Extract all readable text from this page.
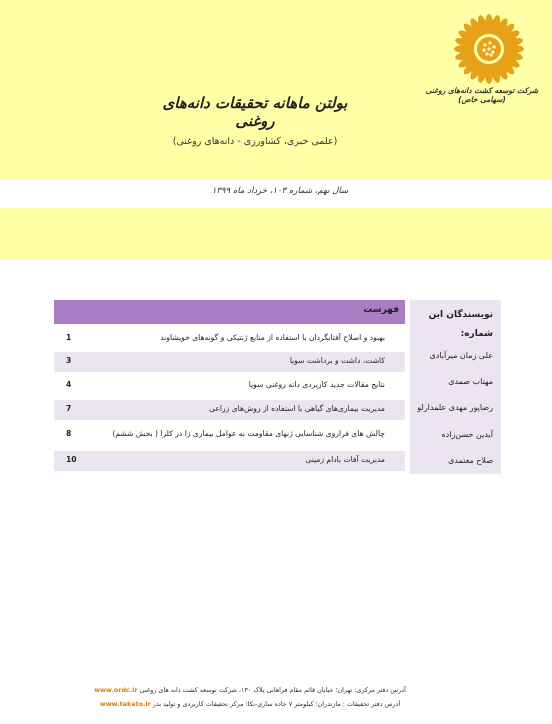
شرکت توسعه کشت دانه‌های روغنی (سهامی خاص)
بولتن ماهانه تحقیقات دانه‌های روغنی
(علمی خبری، کشاورزی - دانه‌های روغنی)
سال نهم، شماره ۱۰۳، خرداد ماه ۱۳۹۹
نویسندگان این شماره:
علی زمان میرآبادی
مهتاب صمدی
رضاپور مهدی علمدارلو
آیدین حسن‌زاده
صلاح معتمدی
فهرست
بهبود و اصلاح آفتابگردان با استفاده از منابع ژنتیکی و گونه‌های خویشاوند
1
کاشت، داشت و برداشت سویا
3
نتایج مقالات جدید کاربردی دانه روغنی سویا
4
مدیریت بیماری‌های گیاهی با استفاده از روش‌های زراعی
7
چالش های فراروی شناسایی ژنهای مقاومت به عوامل بیماری زا در کلزا ( بخش ششم)
8
مدیریت آفات بادام زمینی
10
آدرس دفتر مرکزی: تهران؛ خیابان قائم مقام فراهانی پلاک ۱۳۰، شرکت توسعه کشت دانه های روغنی www.ordc.ir
آدرس دفتر تحقیقات : مازندران؛ کیلومتر ۷ جاده ساری-نکا؛ مرکز تحقیقات کاربردی و تولید بذر www.takato.ir
